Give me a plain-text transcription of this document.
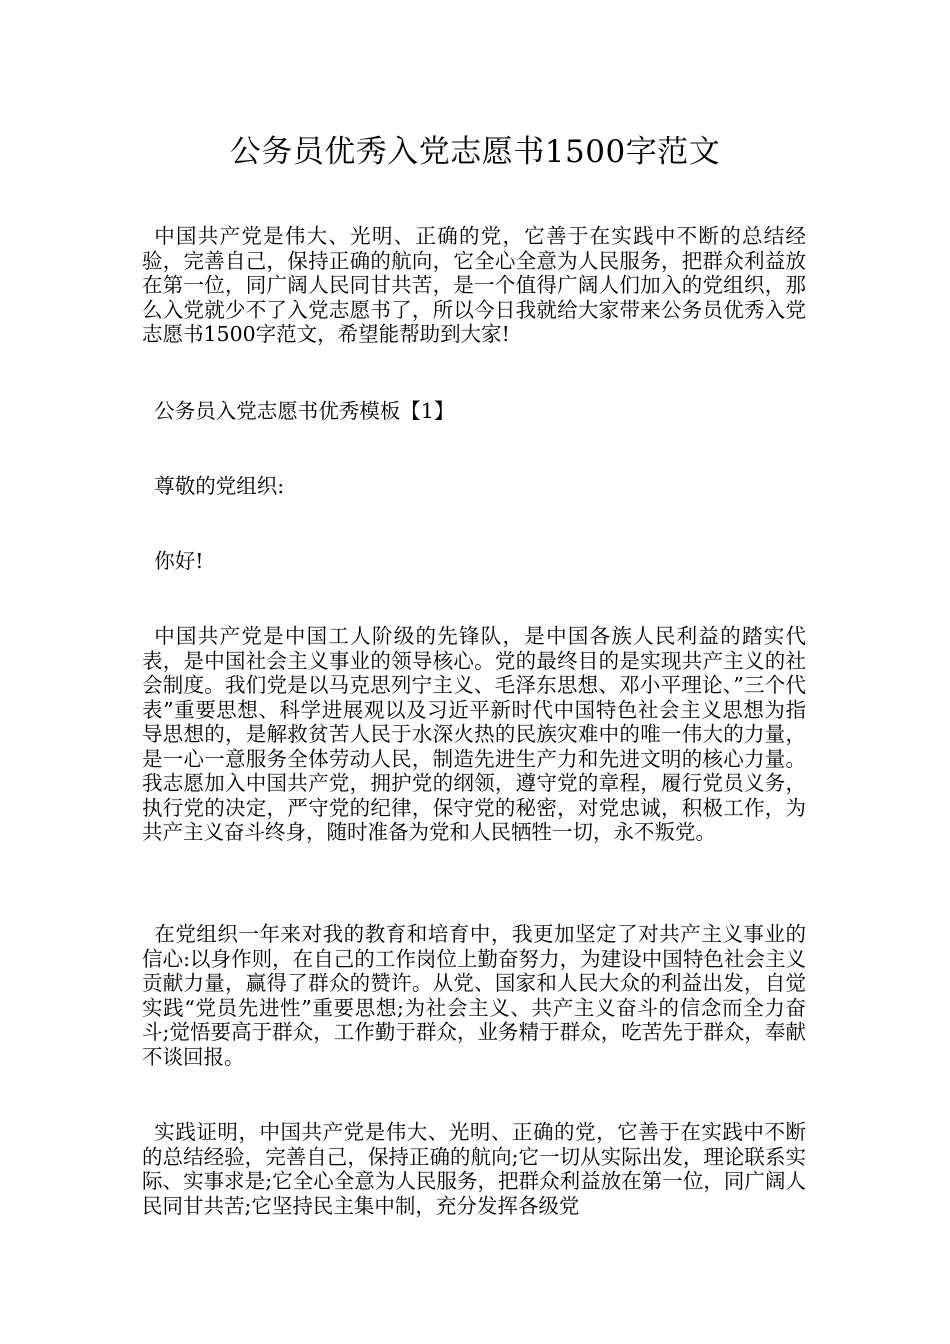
公务员优秀入党志愿书1500字范文

中国共产党是伟大、光明、正确的党，它善于在实践中不断的总结经验，完善自己，保持正确的航向，它全心全意为人民服务，把群众利益放在第一位，同广阔人民同甘共苦，是一个值得广阔人们加入的党组织，那么入党就少不了入党志愿书了，所以今日我就给大家带来公务员优秀入党志愿书1500字范文，希望能帮助到大家!

公务员入党志愿书优秀模板【1】

尊敬的党组织:

你好!

中国共产党是中国工人阶级的先锋队，是中国各族人民利益的踏实代表，是中国社会主义事业的领导核心。党的最终目的是实现共产主义的社会制度。我们党是以马克思列宁主义、毛泽东思想、邓小平理论、”三个代表”重要思想、科学进展观以及习近平新时代中国特色社会主义思想为指导思想的，是解救贫苦人民于水深火热的民族灾难中的唯一伟大的力量，是一心一意服务全体劳动人民，制造先进生产力和先进文明的核心力量。我志愿加入中国共产党，拥护党的纲领，遵守党的章程，履行党员义务，执行党的决定，严守党的纪律，保守党的秘密，对党忠诚，积极工作，为共产主义奋斗终身，随时准备为党和人民牺牲一切，永不叛党。

在党组织一年来对我的教育和培育中，我更加坚定了对共产主义事业的信心:以身作则，在自己的工作岗位上勤奋努力，为建设中国特色社会主义贡献力量，赢得了群众的赞许。从党、国家和人民大众的利益出发，自觉实践“党员先进性”重要思想;为社会主义、共产主义奋斗的信念而全力奋斗;觉悟要高于群众，工作勤于群众，业务精于群众，吃苦先于群众，奉献不谈回报。

实践证明，中国共产党是伟大、光明、正确的党，它善于在实践中不断的总结经验，完善自己，保持正确的航向;它一切从实际出发，理论联系实际、实事求是;它全心全意为人民服务，把群众利益放在第一位，同广阔人民同甘共苦;它坚持民主集中制，充分发挥各级党
